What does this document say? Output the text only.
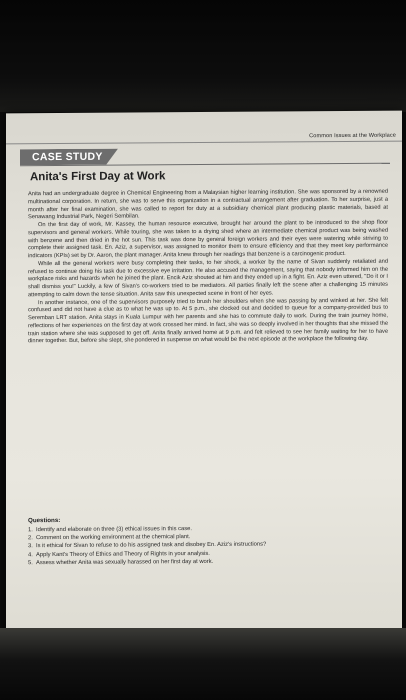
Common Issues at the Workplace
CASE STUDY
Anita's First Day at Work

Anita had an undergraduate degree in Chemical Engineering from a Malaysian higher learning institution. She was sponsored by a renowned multinational corporation. In return, she was to serve this organization in a contractual arrangement after graduation. To her surprise, just a month after her final examination, she was called to report for duty at a subsidiary chemical plant producing plastic materials, based at Senawang Industrial Park, Negeri Sembilan.

On the first day of work, Mr. Kassey, the human resource executive, brought her around the plant to be introduced to the shop floor supervisors and general workers. While touring, she was taken to a drying shed where an intermediate chemical product was being washed with benzene and then dried in the hot sun. This task was done by general foreign workers and their eyes were watering while striving to complete their assigned task. En. Aziz, a supervisor, was assigned to monitor them to ensure efficiency and that they meet key performance indicators (KPIs) set by Dr. Aaron, the plant manager. Anita knew through her readings that benzene is a carcinogenic product.

While all the general workers were busy completing their tasks, to her shock, a worker by the name of Sivan suddenly retaliated and refused to continue doing his task due to excessive eye irritation. He also accused the management, saying that nobody informed him on the workplace risks and hazards when he joined the plant. Encik Aziz shouted at him and they ended up in a fight. En. Aziz even uttered, "Do it or I shall dismiss you!" Luckily, a few of Sivan's co-workers tried to be mediators. All parties finally left the scene after a challenging 15 minutes attempting to calm down the tense situation. Anita saw this unexpected scene in front of her eyes.

In another instance, one of the supervisors purposely tried to brush her shoulders when she was passing by and winked at her. She felt confused and did not have a clue as to what he was up to. At 5 p.m., she clocked out and decided to queue for a company-provided bus to Seremban LRT station. Anita stays in Kuala Lumpur with her parents and she has to commute daily to work. During the train journey home, reflections of her experiences on the first day at work crossed her mind. In fact, she was so deeply involved in her thoughts that she missed the train station where she was supposed to get off. Anita finally arrived home at 9 p.m. and felt relieved to see her family waiting for her to have dinner together. But, before she slept, she pondered in suspense on what would be the next episode at the workplace the following day.

Questions:
1. Identify and elaborate on three (3) ethical issues in this case.
2. Comment on the working environment at the chemical plant.
3. Is it ethical for Sivan to refuse to do his assigned task and disobey En. Aziz's instructions?
4. Apply Kant's Theory of Ethics and Theory of Rights in your analysis.
5. Assess whether Anita was sexually harassed on her first day at work.
